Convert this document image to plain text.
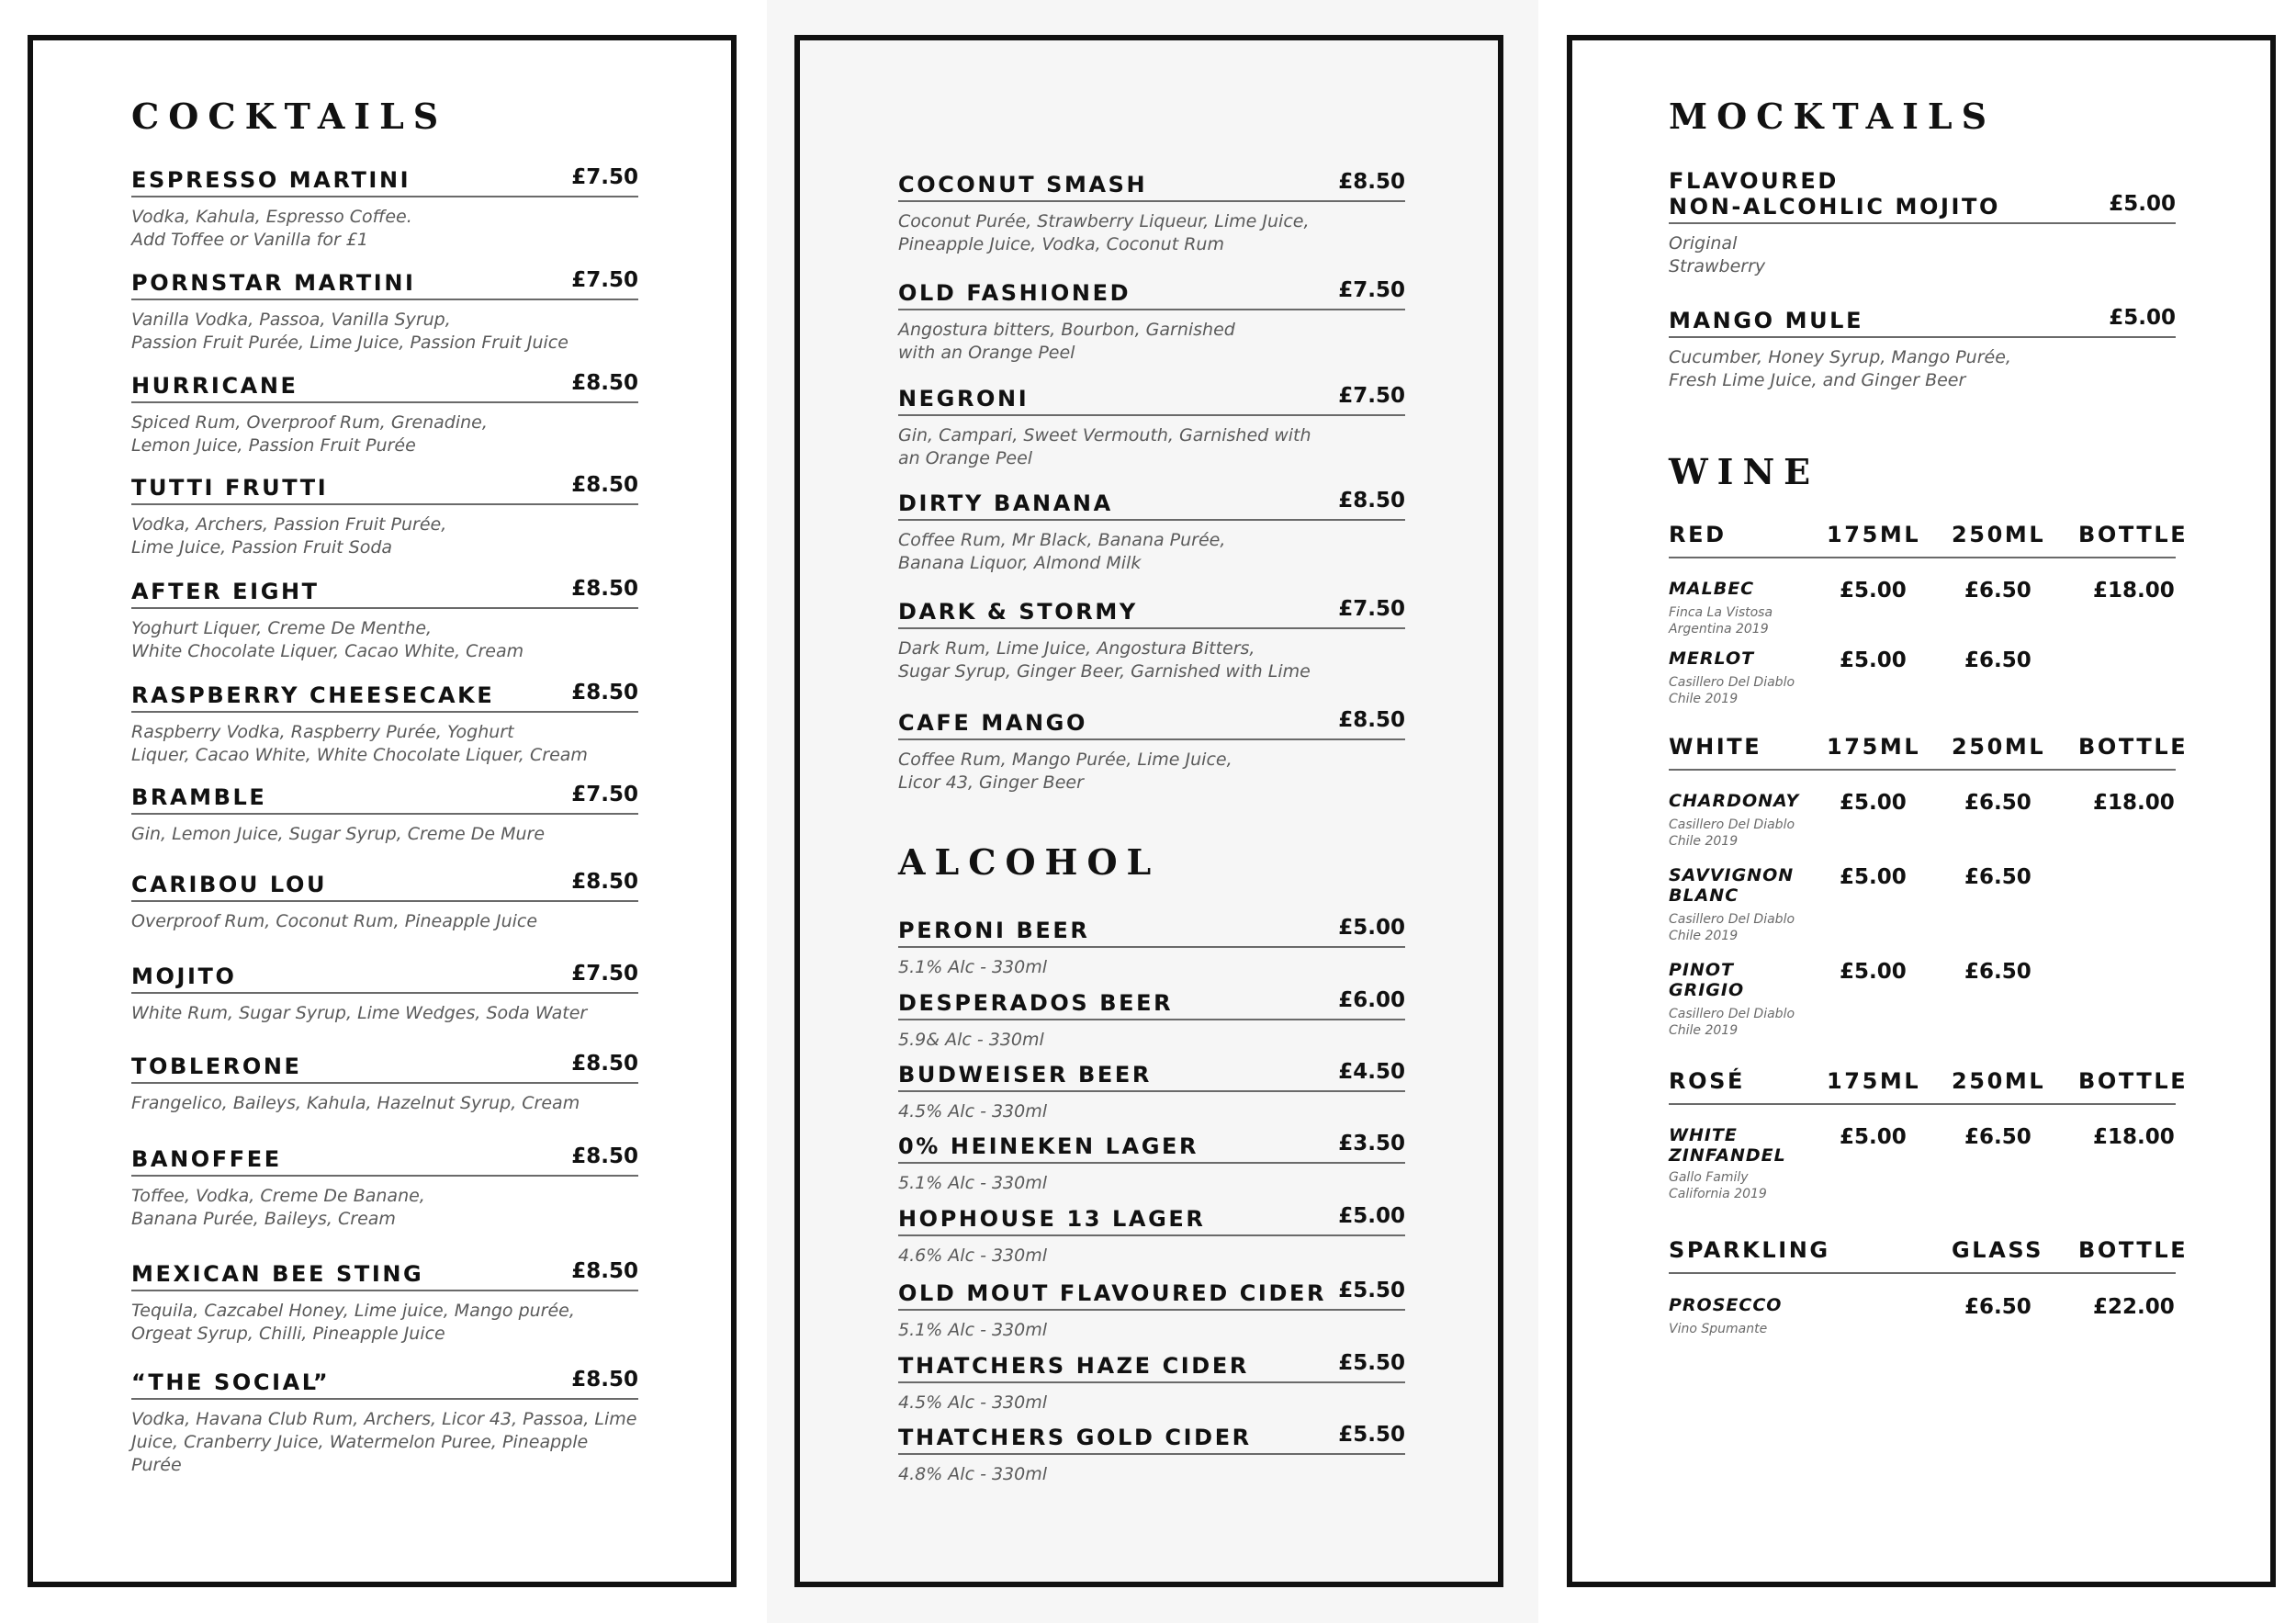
COCKTAILS
ESPRESSO MARTINI	£7.50
Vodka, Kahula, Espresso Coffee.
Add Toffee or Vanilla for £1
PORNSTAR MARTINI	£7.50
Vanilla Vodka, Passoa, Vanilla Syrup,
Passion Fruit Purée, Lime Juice, Passion Fruit Juice
HURRICANE	£8.50
Spiced Rum, Overproof Rum, Grenadine,
Lemon Juice, Passion Fruit Purée
TUTTI FRUTTI	£8.50
Vodka, Archers, Passion Fruit Purée,
Lime Juice, Passion Fruit Soda
AFTER EIGHT	£8.50
Yoghurt Liquer, Creme De Menthe,
White Chocolate Liquer, Cacao White, Cream
RASPBERRY CHEESECAKE	£8.50
Raspberry Vodka, Raspberry Purée, Yoghurt
Liquer, Cacao White, White Chocolate Liquer, Cream
BRAMBLE	£7.50
Gin, Lemon Juice, Sugar Syrup, Creme De Mure
CARIBOU LOU	£8.50
Overproof Rum, Coconut Rum, Pineapple Juice
MOJITO	£7.50
White Rum, Sugar Syrup, Lime Wedges, Soda Water
TOBLERONE	£8.50
Frangelico, Baileys, Kahula, Hazelnut Syrup, Cream
BANOFFEE	£8.50
Toffee, Vodka, Creme De Banane,
Banana Purée, Baileys, Cream
MEXICAN BEE STING	£8.50
Tequila, Cazcabel Honey, Lime juice, Mango purée,
Orgeat Syrup, Chilli, Pineapple Juice
“THE SOCIAL”	£8.50
Vodka, Havana Club Rum, Archers, Licor 43, Passoa, Lime
Juice, Cranberry Juice, Watermelon Puree, Pineapple Purée
COCONUT SMASH	£8.50
Coconut Purée, Strawberry Liqueur, Lime Juice,
Pineapple Juice, Vodka, Coconut Rum
OLD FASHIONED	£7.50
Angostura bitters, Bourbon, Garnished
with an Orange Peel
NEGRONI	£7.50
Gin, Campari, Sweet Vermouth, Garnished with
an Orange Peel
DIRTY BANANA	£8.50
Coffee Rum, Mr Black, Banana Purée,
Banana Liquor, Almond Milk
DARK & STORMY	£7.50
Dark Rum, Lime Juice, Angostura Bitters,
Sugar Syrup, Ginger Beer, Garnished with Lime
CAFE MANGO	£8.50
Coffee Rum, Mango Purée, Lime Juice,
Licor 43, Ginger Beer
ALCOHOL
PERONI BEER	£5.00
5.1% Alc - 330ml
DESPERADOS BEER	£6.00
5.9& Alc - 330ml
BUDWEISER BEER	£4.50
4.5% Alc - 330ml
0% HEINEKEN LAGER	£3.50
5.1% Alc - 330ml
HOPHOUSE 13 LAGER	£5.00
4.6% Alc - 330ml
OLD MOUT FLAVOURED CIDER £5.50
5.1% Alc - 330ml
THATCHERS HAZE CIDER	£5.50
4.5% Alc - 330ml
THATCHERS GOLD CIDER	£5.50
4.8% Alc - 330ml
MOCKTAILS
FLAVOURED
NON-ALCOHLIC MOJITO	£5.00
Original
Strawberry
MANGO MULE	£5.00
Cucumber, Honey Syrup, Mango Purée,
Fresh Lime Juice, and Ginger Beer
WINE
RED	175ML 250ML BOTTLE
MALBEC
Finca La Vistosa
Argentina 2019
£5.00	£6.50	£18.00
MERLOT
Casillero Del Diablo
Chile 2019
£5.00	£6.50
WHITE	175ML 250ML BOTTLE
CHARDONAY
Casillero Del Diablo
Chile 2019
£5.00	£6.50	£18.00
SAVVIGNON BLANC
Casillero Del Diablo
Chile 2019
£5.00	£6.50
PINOT GRIGIO
Casillero Del Diablo
Chile 2019
£5.00	£6.50
ROSÉ	175ML 250ML BOTTLE
WHITE ZINFANDEL
Gallo Family
California 2019
£5.00	£6.50	£18.00
SPARKLING	GLASS BOTTLE
PROSECCO
Vino Spumante
£6.50	£22.00
